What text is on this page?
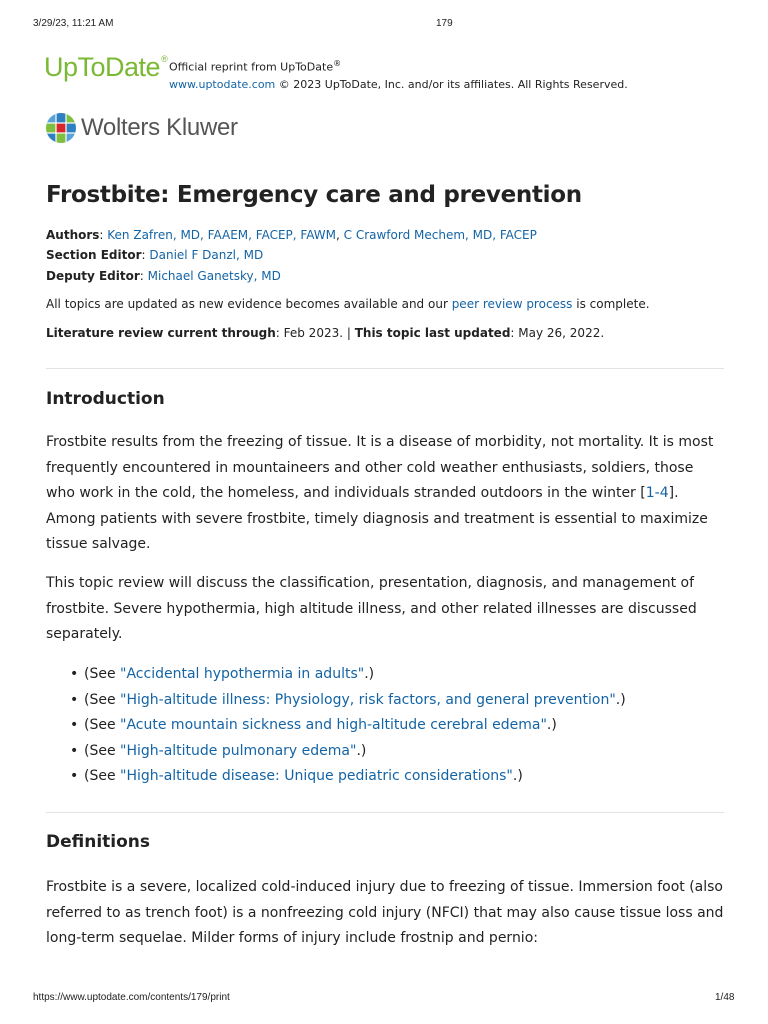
3/29/23, 11:21 AM	179
UpToDate®
Official reprint from UpToDate®
www.uptodate.com © 2023 UpToDate, Inc. and/or its affiliates. All Rights Reserved.
Wolters Kluwer
Frostbite: Emergency care and prevention
Authors: Ken Zafren, MD, FAAEM, FACEP, FAWM, C Crawford Mechem, MD, FACEP
Section Editor: Daniel F Danzl, MD
Deputy Editor: Michael Ganetsky, MD
All topics are updated as new evidence becomes available and our peer review process is complete.
Literature review current through: Feb 2023. | This topic last updated: May 26, 2022.
Introduction

Frostbite results from the freezing of tissue. It is a disease of morbidity, not mortality. It is most frequently encountered in mountaineers and other cold weather enthusiasts, soldiers, those who work in the cold, the homeless, and individuals stranded outdoors in the winter [1-4]. Among patients with severe frostbite, timely diagnosis and treatment is essential to maximize tissue salvage.

This topic review will discuss the classification, presentation, diagnosis, and management of frostbite. Severe hypothermia, high altitude illness, and other related illnesses are discussed separately.

• (See "Accidental hypothermia in adults".)
• (See "High-altitude illness: Physiology, risk factors, and general prevention".)
• (See "Acute mountain sickness and high-altitude cerebral edema".)
• (See "High-altitude pulmonary edema".)
• (See "High-altitude disease: Unique pediatric considerations".)
Definitions

Frostbite is a severe, localized cold-induced injury due to freezing of tissue. Immersion foot (also referred to as trench foot) is a nonfreezing cold injury (NFCI) that may also cause tissue loss and long-term sequelae. Milder forms of injury include frostnip and pernio:

https://www.uptodate.com/contents/179/print	1/48
